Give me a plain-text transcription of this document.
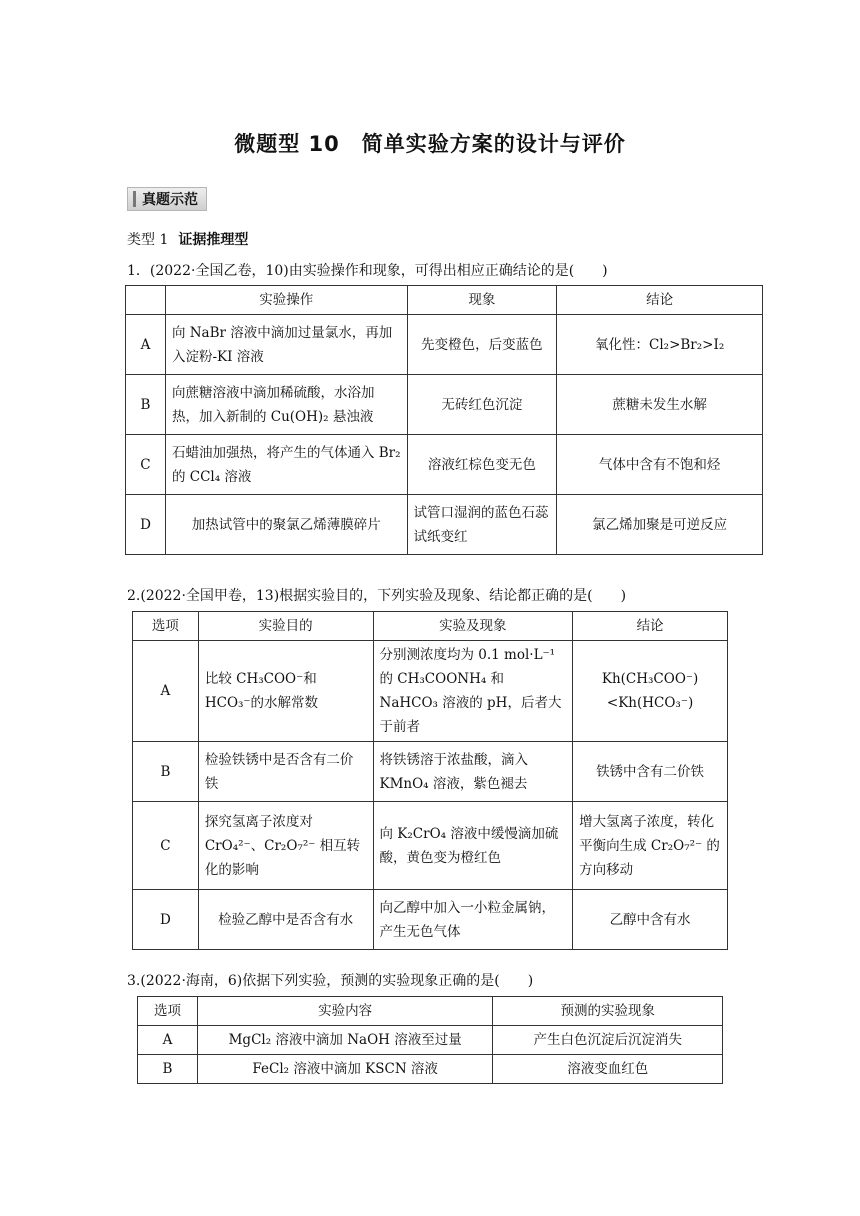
微题型 10　简单实验方案的设计与评价
真题示范
类型 1 证据推理型
1．(2022·全国乙卷，10)由实验操作和现象，可得出相应正确结论的是(　　)
	实验操作	现象	结论
A	向 NaBr 溶液中滴加过量氯水，再加入淀粉-KI 溶液	先变橙色，后变蓝色	氧化性：Cl₂>Br₂>I₂
B	向蔗糖溶液中滴加稀硫酸，水浴加热，加入新制的 Cu(OH)₂ 悬浊液	无砖红色沉淀	蔗糖未发生水解
C	石蜡油加强热，将产生的气体通入 Br₂ 的 CCl₄ 溶液	溶液红棕色变无色	气体中含有不饱和烃
D	加热试管中的聚氯乙烯薄膜碎片	试管口湿润的蓝色石蕊试纸变红	氯乙烯加聚是可逆反应
2.(2022·全国甲卷，13)根据实验目的，下列实验及现象、结论都正确的是(　　)
选项	实验目的	实验及现象	结论
A	比较 CH₃COO⁻和 HCO₃⁻的水解常数	分别测浓度均为 0.1 mol·L⁻¹ 的 CH₃COONH₄ 和 NaHCO₃ 溶液的 pH，后者大于前者	Kh(CH₃COO⁻)<Kh(HCO₃⁻)
B	检验铁锈中是否含有二价铁	将铁锈溶于浓盐酸，滴入 KMnO₄ 溶液，紫色褪去	铁锈中含有二价铁
C	探究氢离子浓度对 CrO₄²⁻、Cr₂O₇²⁻ 相互转化的影响	向 K₂CrO₄ 溶液中缓慢滴加硫酸，黄色变为橙红色	增大氢离子浓度，转化平衡向生成 Cr₂O₇²⁻ 的方向移动
D	检验乙醇中是否含有水	向乙醇中加入一小粒金属钠，产生无色气体	乙醇中含有水
3.(2022·海南，6)依据下列实验，预测的实验现象正确的是(　　)
选项	实验内容	预测的实验现象
A	MgCl₂ 溶液中滴加 NaOH 溶液至过量	产生白色沉淀后沉淀消失
B	FeCl₂ 溶液中滴加 KSCN 溶液	溶液变血红色
